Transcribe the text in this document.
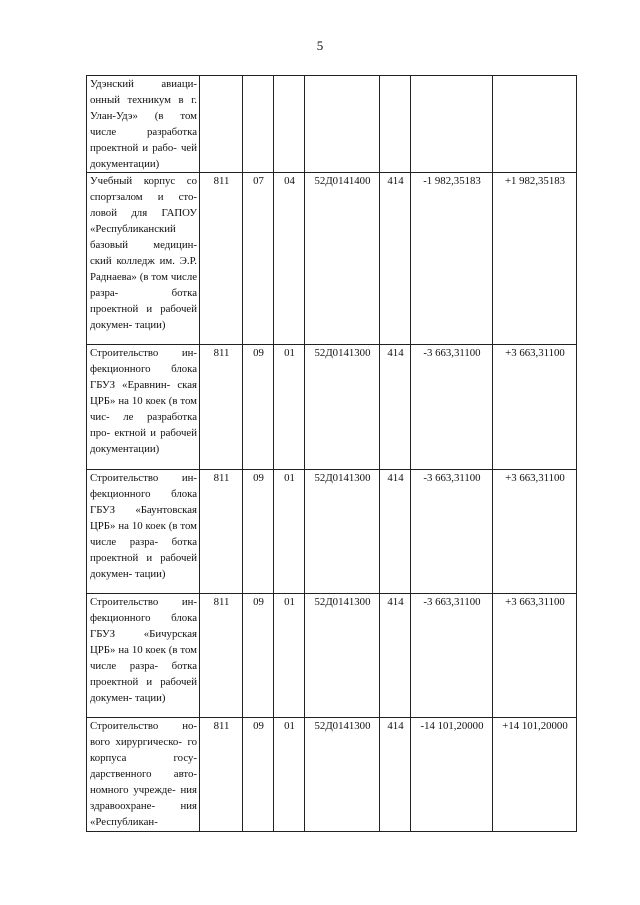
5
Удэнский авиаци- онный техникум в г. Улан-Удэ» (в том числе разработка проектной и рабо- чей документации)							
Учебный корпус со спортзалом и сто- ловой для ГАПОУ «Республиканский базовый медицин- ский колледж им. Э.Р. Раднаева» (в том числе разра- ботка проектной и рабочей докумен- тации)	811	07	04	52Д0141400	414	-1 982,35183	+1 982,35183
Строительство ин- фекционного блока ГБУЗ «Еравнин- ская ЦРБ» на 10 коек (в том чис- ле разработка про- ектной и рабочей документации)	811	09	01	52Д0141300	414	-3 663,31100	+3 663,31100
Строительство ин- фекционного блока ГБУЗ «Баунтовская ЦРБ» на 10 коек (в том числе разра- ботка проектной и рабочей докумен- тации)	811	09	01	52Д0141300	414	-3 663,31100	+3 663,31100
Строительство ин- фекционного блока ГБУЗ «Бичурская ЦРБ» на 10 коек (в том числе разра- ботка проектной и рабочей докумен- тации)	811	09	01	52Д0141300	414	-3 663,31100	+3 663,31100
Строительство но- вого хирургическо- го корпуса госу- дарственного авто- номного учрежде- ния здравоохране- ния «Республикан-	811	09	01	52Д0141300	414	-14 101,20000	+14 101,20000
